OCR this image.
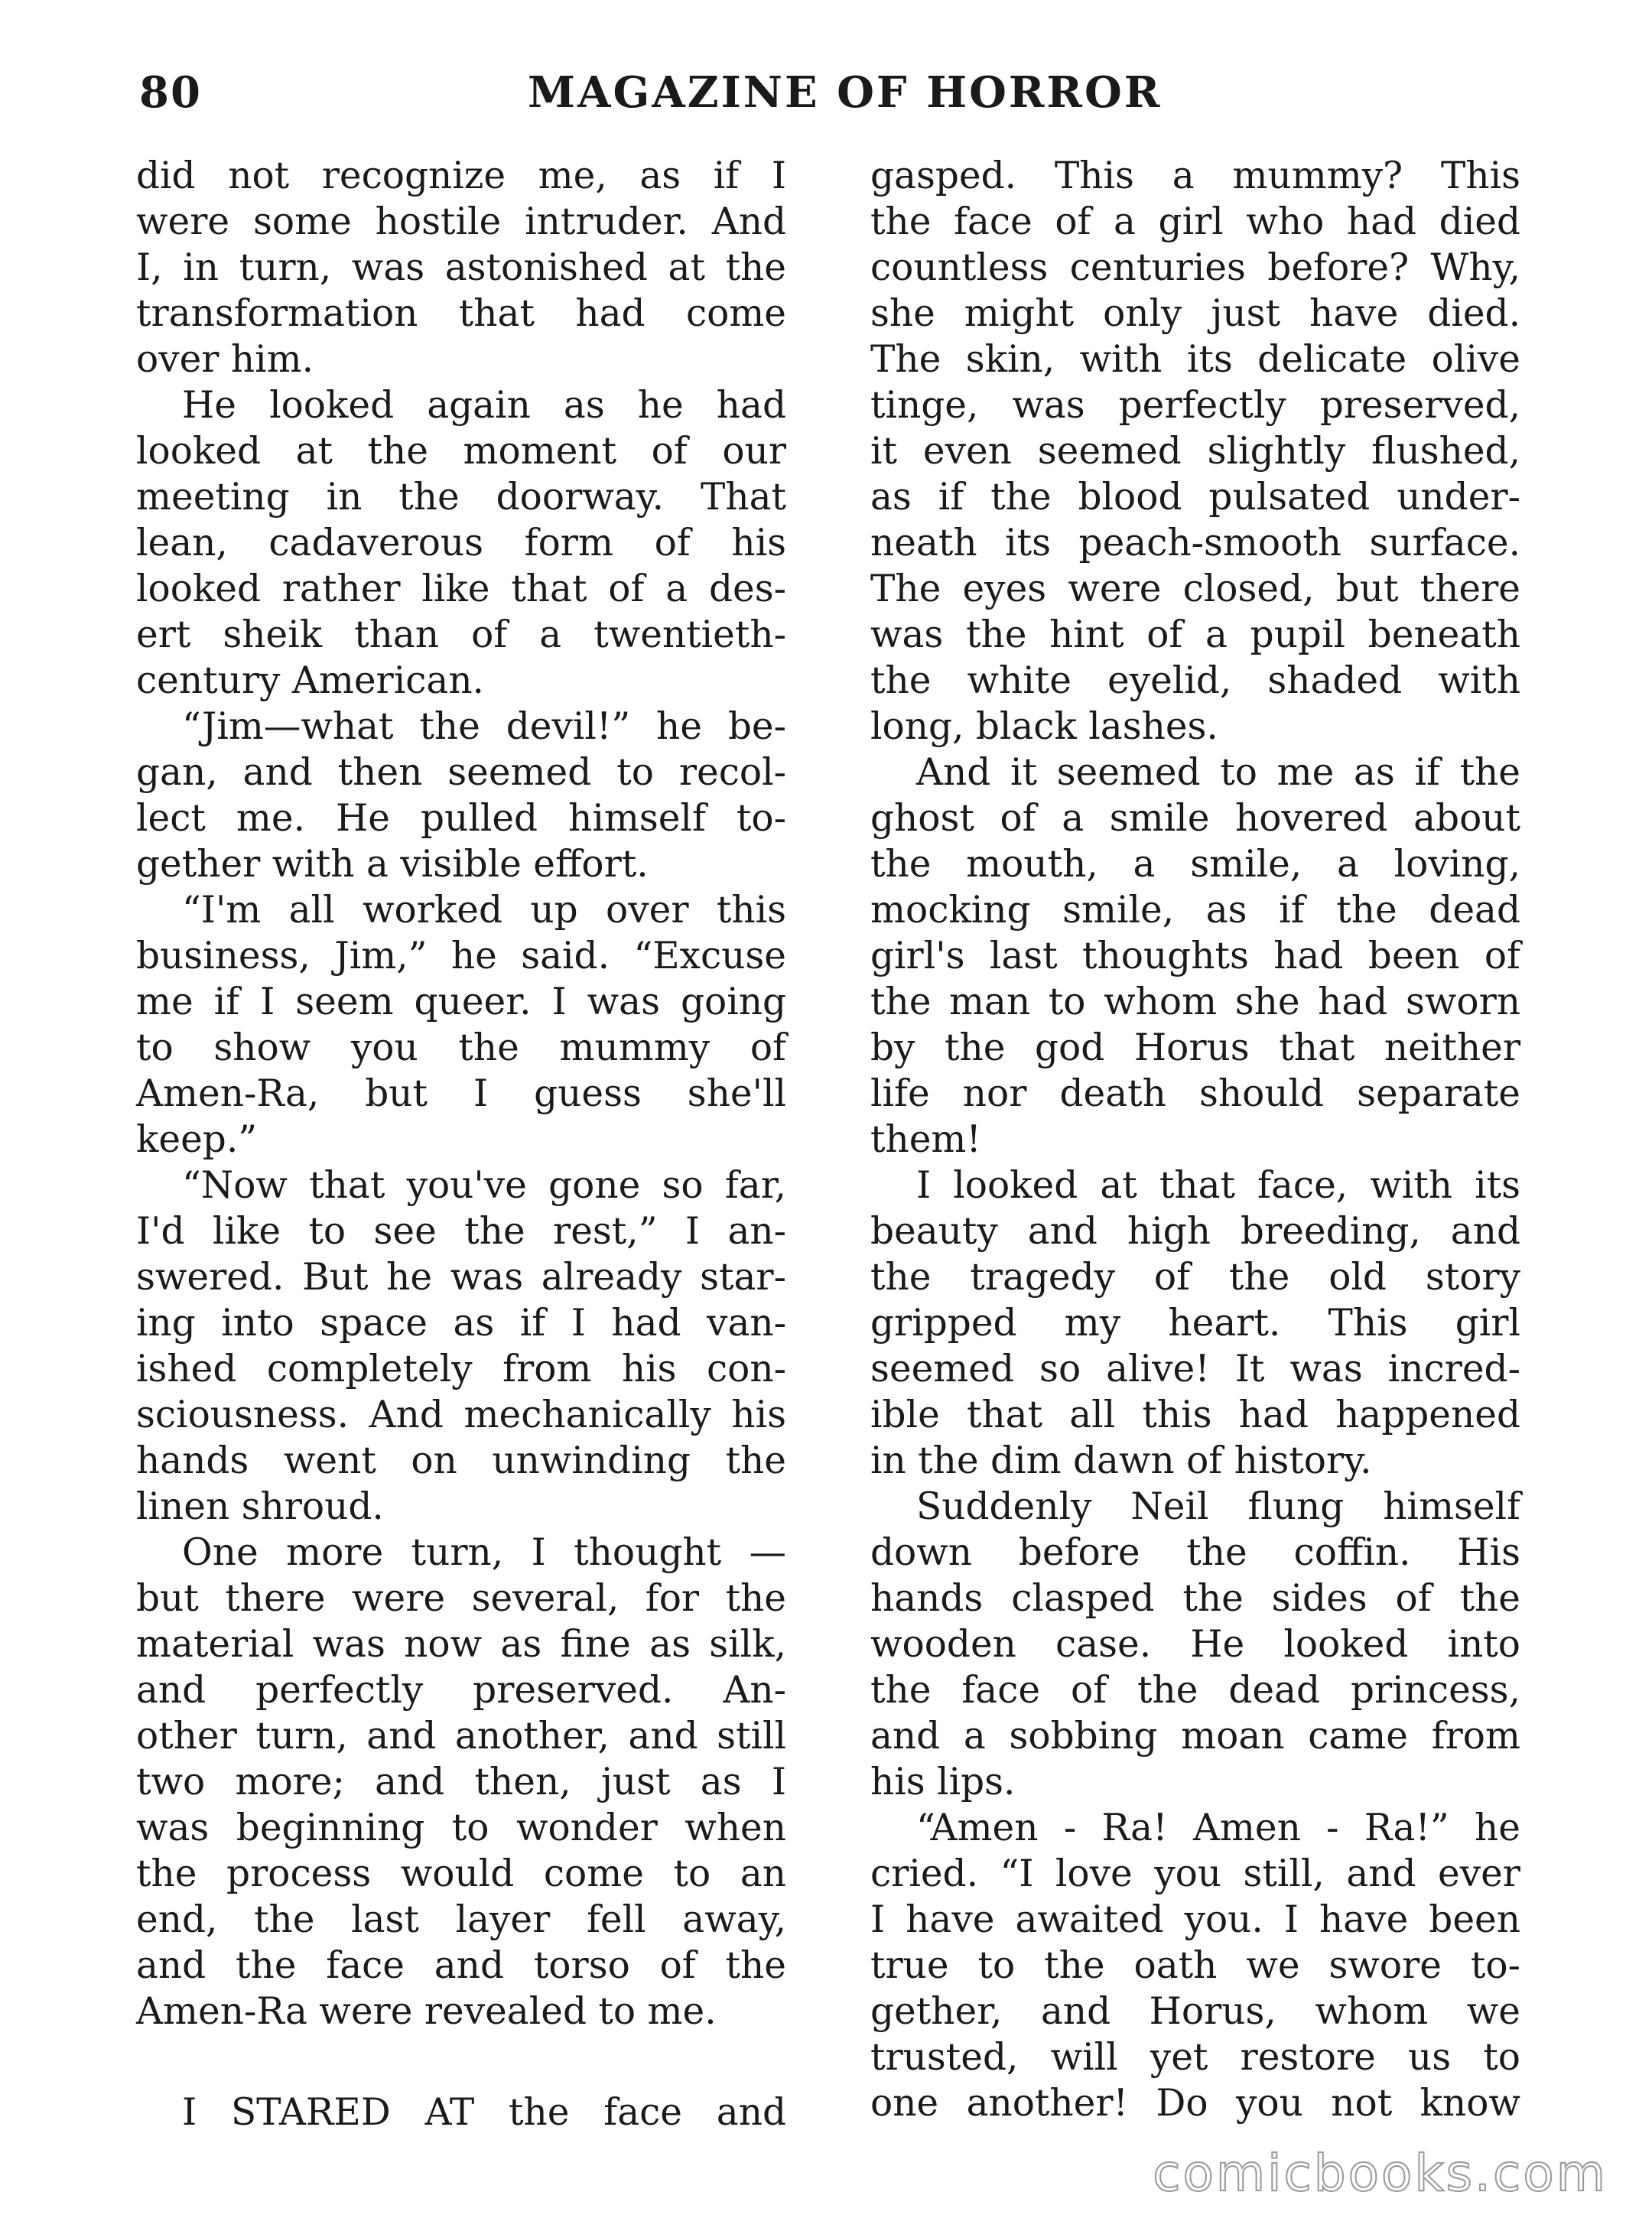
80	MAGAZINE OF HORROR
did not recognize me, as if I
were some hostile intruder. And
I, in turn, was astonished at the
transformation that had come
over him.
He looked again as he had
looked at the moment of our
meeting in the doorway. That
lean, cadaverous form of his
looked rather like that of a des-
ert sheik than of a twentieth-
century American.
“Jim—what the devil!” he be-
gan, and then seemed to recol-
lect me. He pulled himself to-
gether with a visible effort.
“I'm all worked up over this
business, Jim,” he said. “Excuse
me if I seem queer. I was going
to show you the mummy of
Amen-Ra, but I guess she'll
keep.”
“Now that you've gone so far,
I'd like to see the rest,” I an-
swered. But he was already star-
ing into space as if I had van-
ished completely from his con-
sciousness. And mechanically his
hands went on unwinding the
linen shroud.
One more turn, I thought —
but there were several, for the
material was now as fine as silk,
and perfectly preserved. An-
other turn, and another, and still
two more; and then, just as I
was beginning to wonder when
the process would come to an
end, the last layer fell away,
and the face and torso of the
Amen-Ra were revealed to me.
I STARED AT the face and
gasped. This a mummy? This
the face of a girl who had died
countless centuries before? Why,
she might only just have died.
The skin, with its delicate olive
tinge, was perfectly preserved,
it even seemed slightly flushed,
as if the blood pulsated under-
neath its peach-smooth surface.
The eyes were closed, but there
was the hint of a pupil beneath
the white eyelid, shaded with
long, black lashes.
And it seemed to me as if the
ghost of a smile hovered about
the mouth, a smile, a loving,
mocking smile, as if the dead
girl's last thoughts had been of
the man to whom she had sworn
by the god Horus that neither
life nor death should separate
them!
I looked at that face, with its
beauty and high breeding, and
the tragedy of the old story
gripped my heart. This girl
seemed so alive! It was incred-
ible that all this had happened
in the dim dawn of history.
Suddenly Neil flung himself
down before the coffin. His
hands clasped the sides of the
wooden case. He looked into
the face of the dead princess,
and a sobbing moan came from
his lips.
“Amen - Ra! Amen - Ra!” he
cried. “I love you still, and ever
I have awaited you. I have been
true to the oath we swore to-
gether, and Horus, whom we
trusted, will yet restore us to
one another! Do you not know
comicbooks.com
